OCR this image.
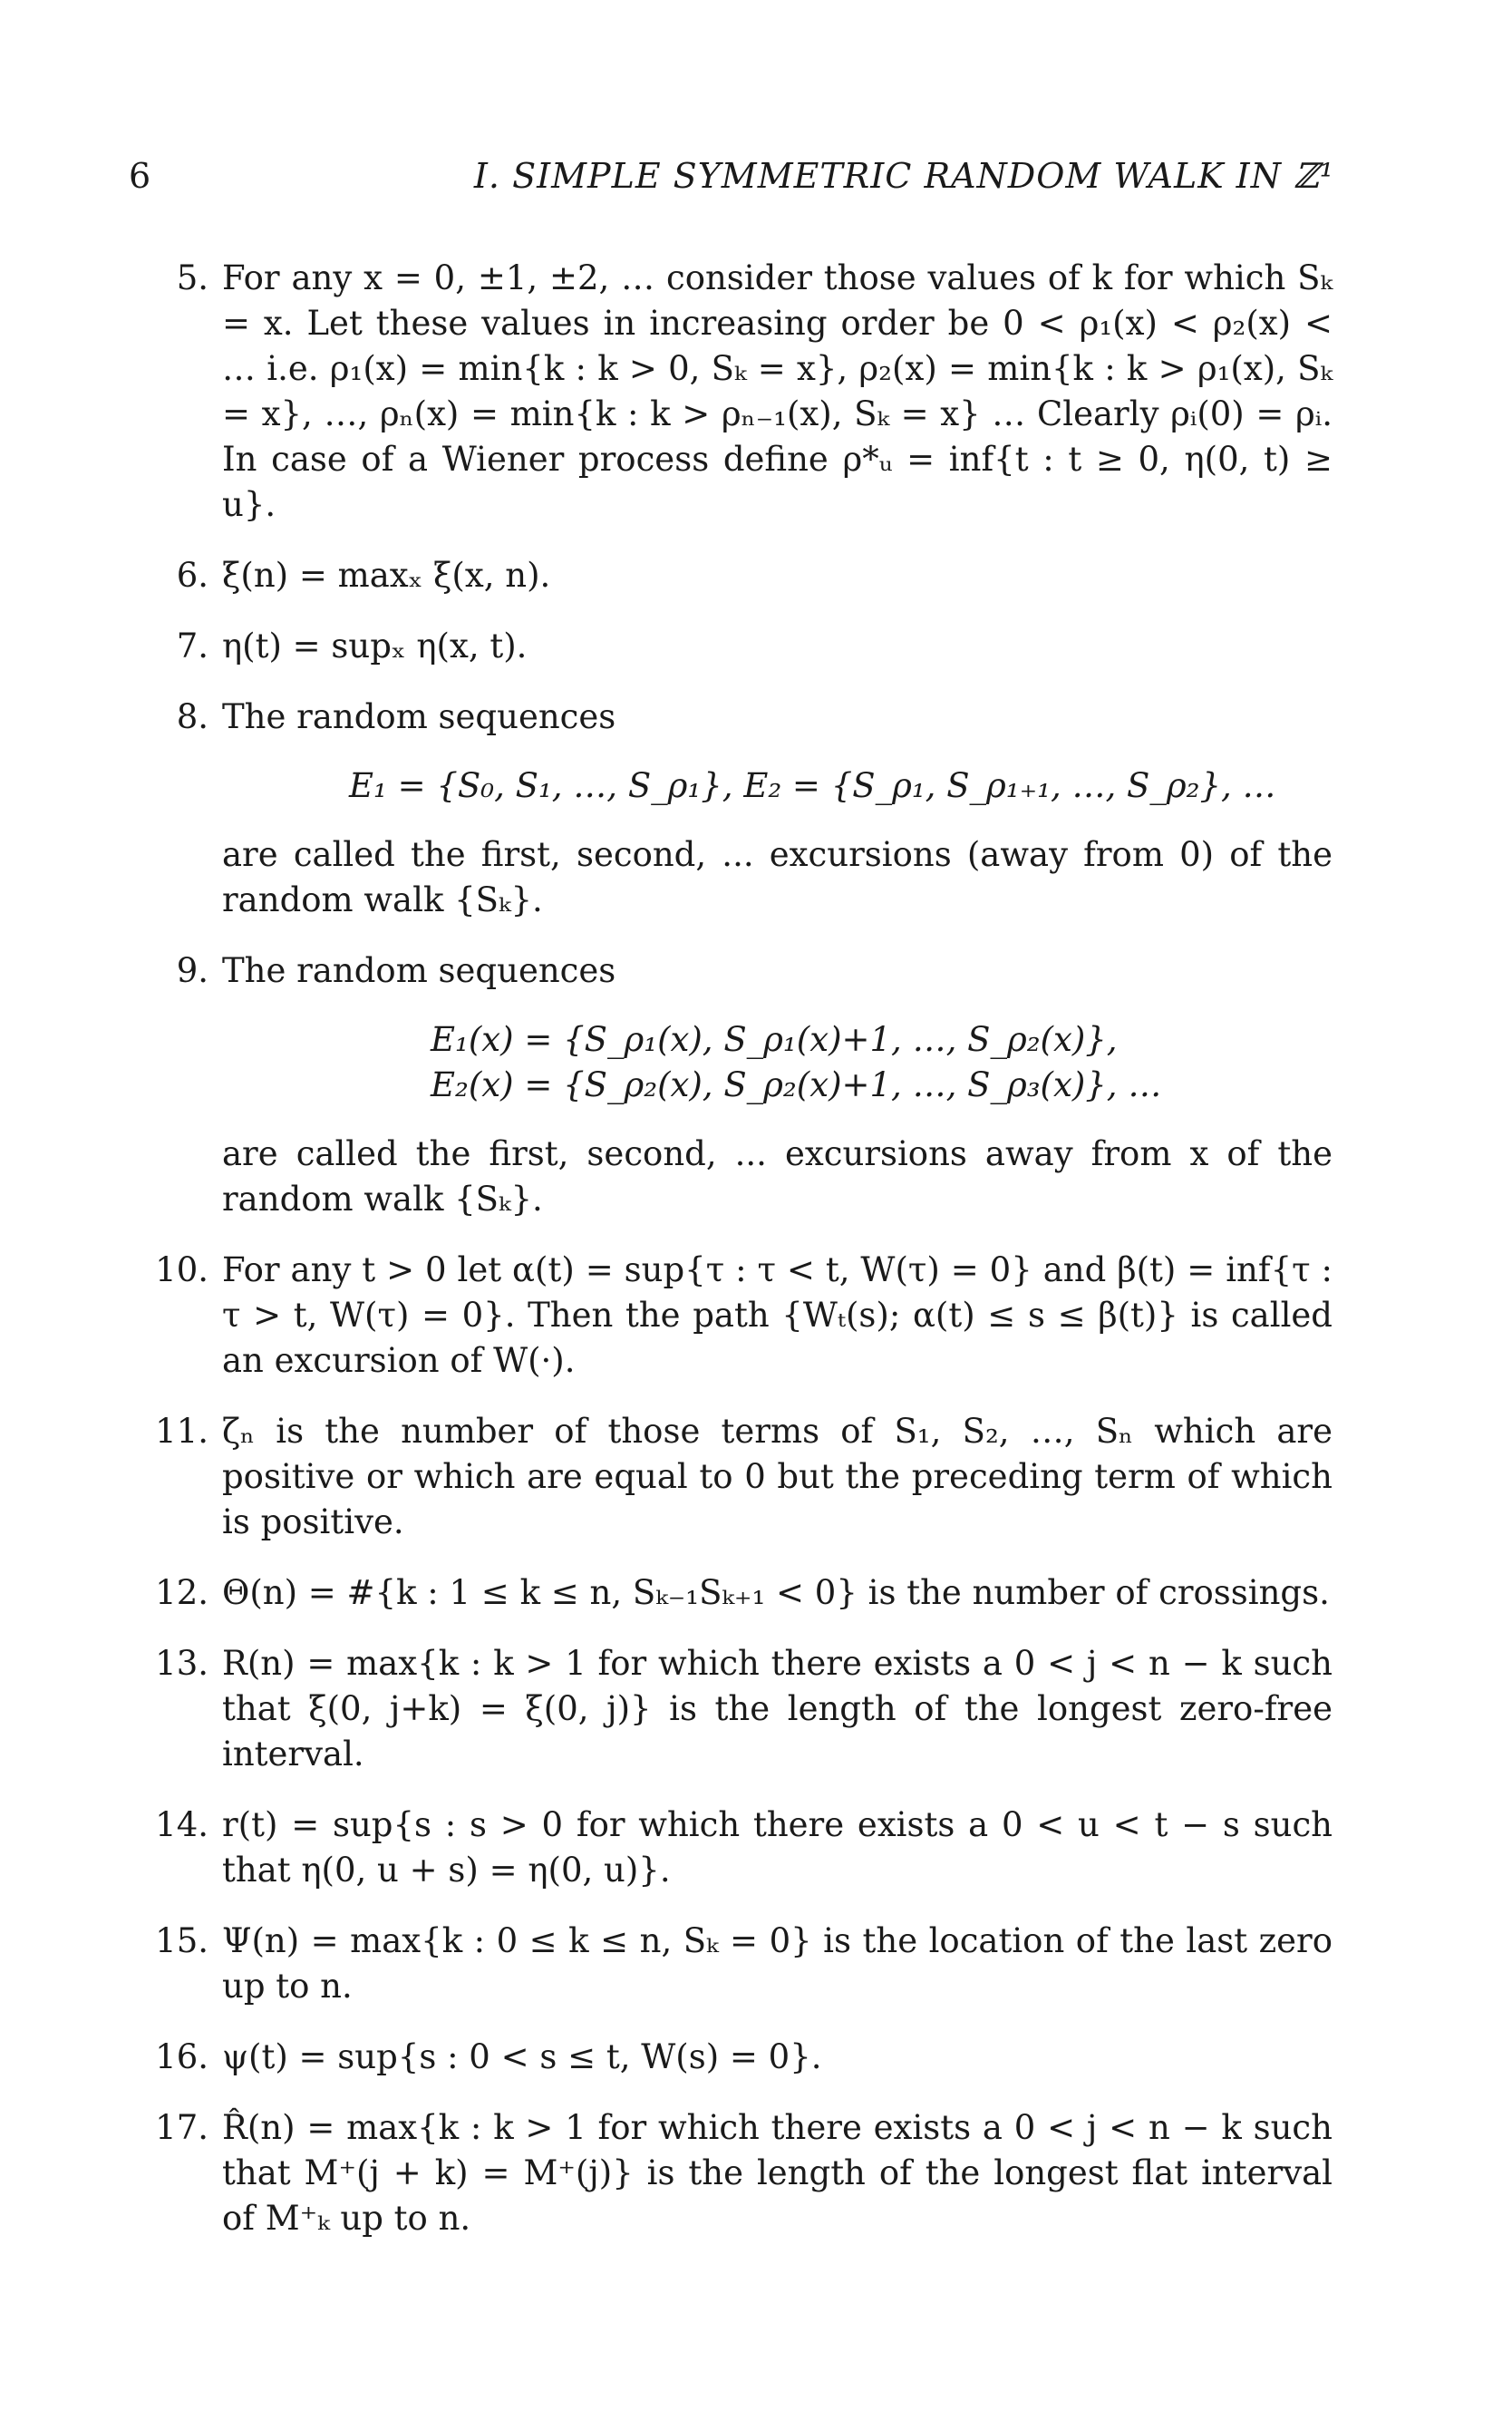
6	I. SIMPLE SYMMETRIC RANDOM WALK IN ℤ¹
5. For any x = 0, ±1, ±2, … consider those values of k for which Sₖ = x. Let these values in increasing order be 0 < ρ₁(x) < ρ₂(x) < … i.e. ρ₁(x) = min{k : k > 0, Sₖ = x}, ρ₂(x) = min{k : k > ρ₁(x), Sₖ = x}, …, ρₙ(x) = min{k : k > ρₙ₋₁(x), Sₖ = x} … Clearly ρᵢ(0) = ρᵢ. In case of a Wiener process define ρ*ᵤ = inf{t : t ≥ 0, η(0, t) ≥ u}.
6. ξ(n) = maxₓ ξ(x, n).
7. η(t) = supₓ η(x, t).
8. The random sequences
E₁ = {S₀, S₁, …, S_ρ₁}, E₂ = {S_ρ₁, S_ρ₁₊₁, …, S_ρ₂}, …
are called the first, second, ... excursions (away from 0) of the random walk {Sₖ}.
9. The random sequences
E₁(x) = {S_ρ₁(x), S_ρ₁(x)+1, …, S_ρ₂(x)},
E₂(x) = {S_ρ₂(x), S_ρ₂(x)+1, …, S_ρ₃(x)}, …
are called the first, second, ... excursions away from x of the random walk {Sₖ}.
10. For any t > 0 let α(t) = sup{τ : τ < t, W(τ) = 0} and β(t) = inf{τ : τ > t, W(τ) = 0}. Then the path {Wₜ(s); α(t) ≤ s ≤ β(t)} is called an excursion of W(·).
11. ζₙ is the number of those terms of S₁, S₂, …, Sₙ which are positive or which are equal to 0 but the preceding term of which is positive.
12. Θ(n) = #{k : 1 ≤ k ≤ n, Sₖ₋₁Sₖ₊₁ < 0} is the number of crossings.
13. R(n) = max{k : k > 1 for which there exists a 0 < j < n − k such that ξ(0, j+k) = ξ(0, j)} is the length of the longest zero-free interval.
14. r(t) = sup{s : s > 0 for which there exists a 0 < u < t − s such that η(0, u + s) = η(0, u)}.
15. Ψ(n) = max{k : 0 ≤ k ≤ n, Sₖ = 0} is the location of the last zero up to n.
16. ψ(t) = sup{s : 0 < s ≤ t, W(s) = 0}.
17. R̂(n) = max{k : k > 1 for which there exists a 0 < j < n − k such that M⁺(j + k) = M⁺(j)} is the length of the longest flat interval of M⁺ₖ up to n.
